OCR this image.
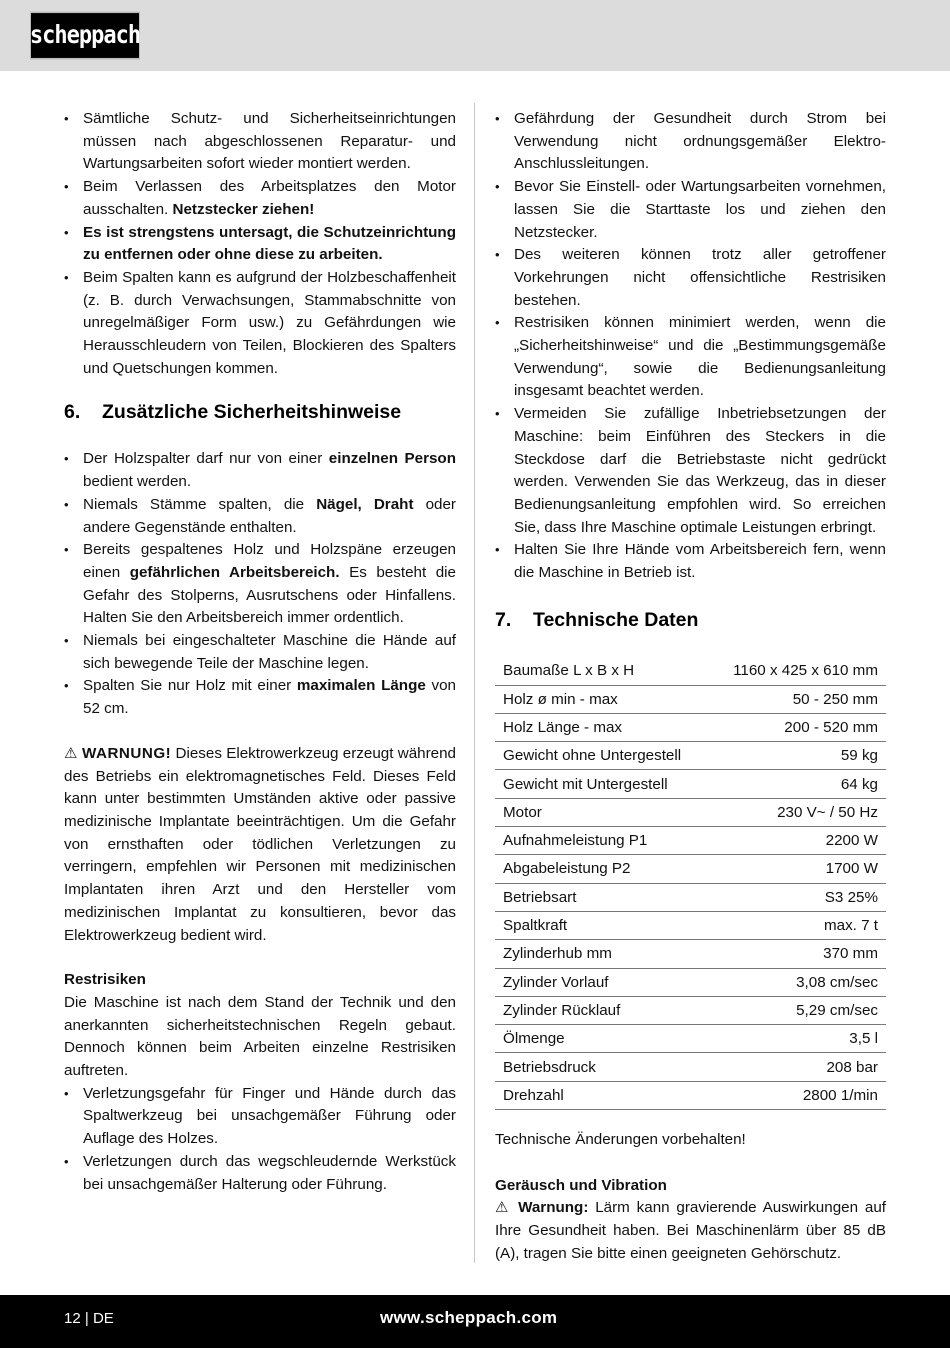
scheppach
• Sämtliche Schutz- und Sicherheitseinrichtungen müssen nach abgeschlossenen Reparatur- und Wartungsarbeiten sofort wieder montiert werden.
• Beim Verlassen des Arbeitsplatzes den Motor ausschalten. Netzstecker ziehen!
• Es ist strengstens untersagt, die Schutzeinrichtung zu entfernen oder ohne diese zu arbeiten.
• Beim Spalten kann es aufgrund der Holzbeschaffenheit (z. B. durch Verwachsungen, Stammabschnitte von unregelmäßiger Form usw.) zu Gefährdungen wie Herausschleudern von Teilen, Blockieren des Spalters und Quetschungen kommen.
6.	Zusätzliche Sicherheitshinweise
• Der Holzspalter darf nur von einer einzelnen Person bedient werden.
• Niemals Stämme spalten, die Nägel, Draht oder andere Gegenstände enthalten.
• Bereits gespaltenes Holz und Holzspäne erzeugen einen gefährlichen Arbeitsbereich. Es besteht die Gefahr des Stolperns, Ausrutschens oder Hinfallens. Halten Sie den Arbeitsbereich immer ordentlich.
• Niemals bei eingeschalteter Maschine die Hände auf sich bewegende Teile der Maschine legen.
• Spalten Sie nur Holz mit einer maximalen Länge von 52 cm.

⚠ WARNUNG! Dieses Elektrowerkzeug erzeugt während des Betriebs ein elektromagnetisches Feld. Dieses Feld kann unter bestimmten Umständen aktive oder passive medizinische Implantate beeinträchtigen. Um die Gefahr von ernsthaften oder tödlichen Verletzungen zu verringern, empfehlen wir Personen mit medizinischen Implantaten ihren Arzt und den Hersteller vom medizinischen Implantat zu konsultieren, bevor das Elektrowerkzeug bedient wird.

Restrisiken

Die Maschine ist nach dem Stand der Technik und den anerkannten sicherheitstechnischen Regeln gebaut. Dennoch können beim Arbeiten einzelne Restrisiken auftreten.

• Verletzungsgefahr für Finger und Hände durch das Spaltwerkzeug bei unsachgemäßer Führung oder Auflage des Holzes.
• Verletzungen durch das wegschleudernde Werkstück bei unsachgemäßer Halterung oder Führung.
• Gefährdung der Gesundheit durch Strom bei Verwendung nicht ordnungsgemäßer Elektro-Anschlussleitungen.
• Bevor Sie Einstell- oder Wartungsarbeiten vornehmen, lassen Sie die Starttaste los und ziehen den Netzstecker.
• Des weiteren können trotz aller getroffener Vorkehrungen nicht offensichtliche Restrisiken bestehen.
• Restrisiken können minimiert werden, wenn die „Sicherheitshinweise“ und die „Bestimmungsgemäße Verwendung“, sowie die Bedienungsanleitung insgesamt beachtet werden.
• Vermeiden Sie zufällige Inbetriebsetzungen der Maschine: beim Einführen des Steckers in die Steckdose darf die Betriebstaste nicht gedrückt werden. Verwenden Sie das Werkzeug, das in dieser Bedienungsanleitung empfohlen wird. So erreichen Sie, dass Ihre Maschine optimale Leistungen erbringt.
• Halten Sie Ihre Hände vom Arbeitsbereich fern, wenn die Maschine in Betrieb ist.
7.	Technische Daten
Baumaße L x B x H	1160 x 425 x 610 mm
Holz ø min - max	50 - 250 mm
Holz Länge - max	200 - 520 mm
Gewicht ohne Untergestell	59 kg
Gewicht mit Untergestell	64 kg
Motor	230 V~ / 50 Hz
Aufnahmeleistung P1	2200 W
Abgabeleistung P2	1700 W
Betriebsart	S3 25%
Spaltkraft	max. 7 t
Zylinderhub mm	370 mm
Zylinder Vorlauf	3,08 cm/sec
Zylinder Rücklauf	5,29 cm/sec
Ölmenge	3,5 l
Betriebsdruck	208 bar
Drehzahl	2800 1/min

Technische Änderungen vorbehalten!

Geräusch und Vibration

⚠ Warnung: Lärm kann gravierende Auswirkungen auf Ihre Gesundheit haben. Bei Maschinenlärm über 85 dB (A), tragen Sie bitte einen geeigneten Gehörschutz.

12 | DE	www.scheppach.com
